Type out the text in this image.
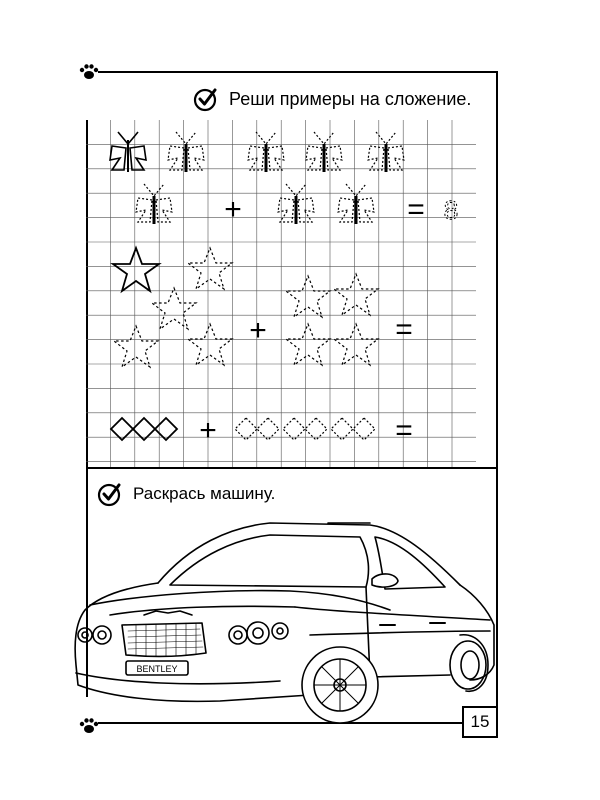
Реши примеры на сложение.
+	= 8
+	=
+	=
Раскрась машину.
BENTLEY
15
